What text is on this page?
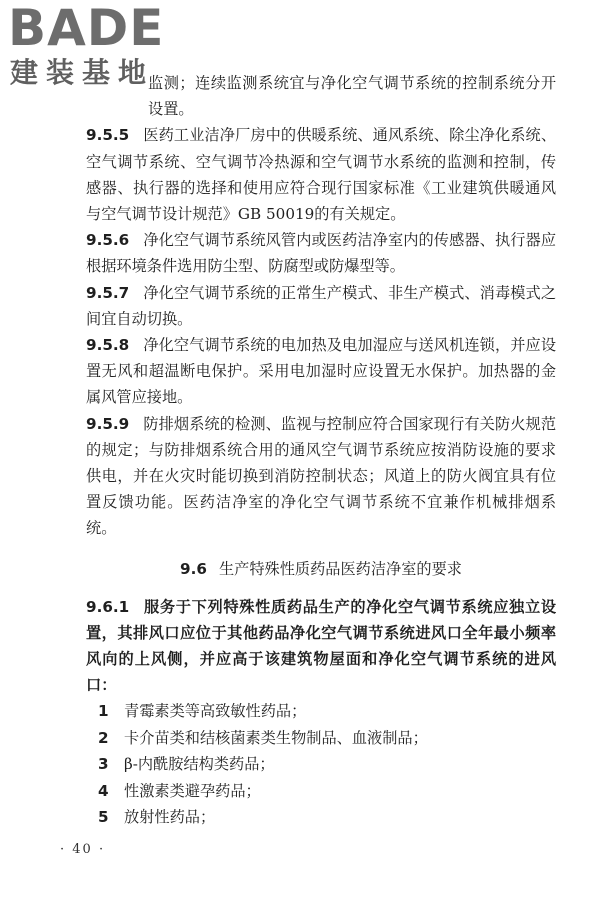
BADE
建装基地

监测；连续监测系统宜与净化空气调节系统的控制系统分开设置。

9.5.5 医药工业洁净厂房中的供暖系统、通风系统、除尘净化系统、空气调节系统、空气调节冷热源和空气调节水系统的监测和控制，传感器、执行器的选择和使用应符合现行国家标准《工业建筑供暖通风与空气调节设计规范》GB 50019的有关规定。

9.5.6 净化空气调节系统风管内或医药洁净室内的传感器、执行器应根据环境条件选用防尘型、防腐型或防爆型等。

9.5.7 净化空气调节系统的正常生产模式、非生产模式、消毒模式之间宜自动切换。

9.5.8 净化空气调节系统的电加热及电加湿应与送风机连锁，并应设置无风和超温断电保护。采用电加湿时应设置无水保护。加热器的金属风管应接地。

9.5.9 防排烟系统的检测、监视与控制应符合国家现行有关防火规范的规定；与防排烟系统合用的通风空气调节系统应按消防设施的要求供电，并在火灾时能切换到消防控制状态；风道上的防火阀宜具有位置反馈功能。医药洁净室的净化空气调节系统不宜兼作机械排烟系统。

9.6 生产特殊性质药品医药洁净室的要求

9.6.1 服务于下列特殊性质药品生产的净化空气调节系统应独立设置，其排风口应位于其他药品净化空气调节系统进风口全年最小频率风向的上风侧，并应高于该建筑物屋面和净化空气调节系统的进风口：

1 青霉素类等高致敏性药品；
2 卡介苗类和结核菌素类生物制品、血液制品；
3 β-内酰胺结构类药品；
4 性激素类避孕药品；
5 放射性药品；
· 40 ·
